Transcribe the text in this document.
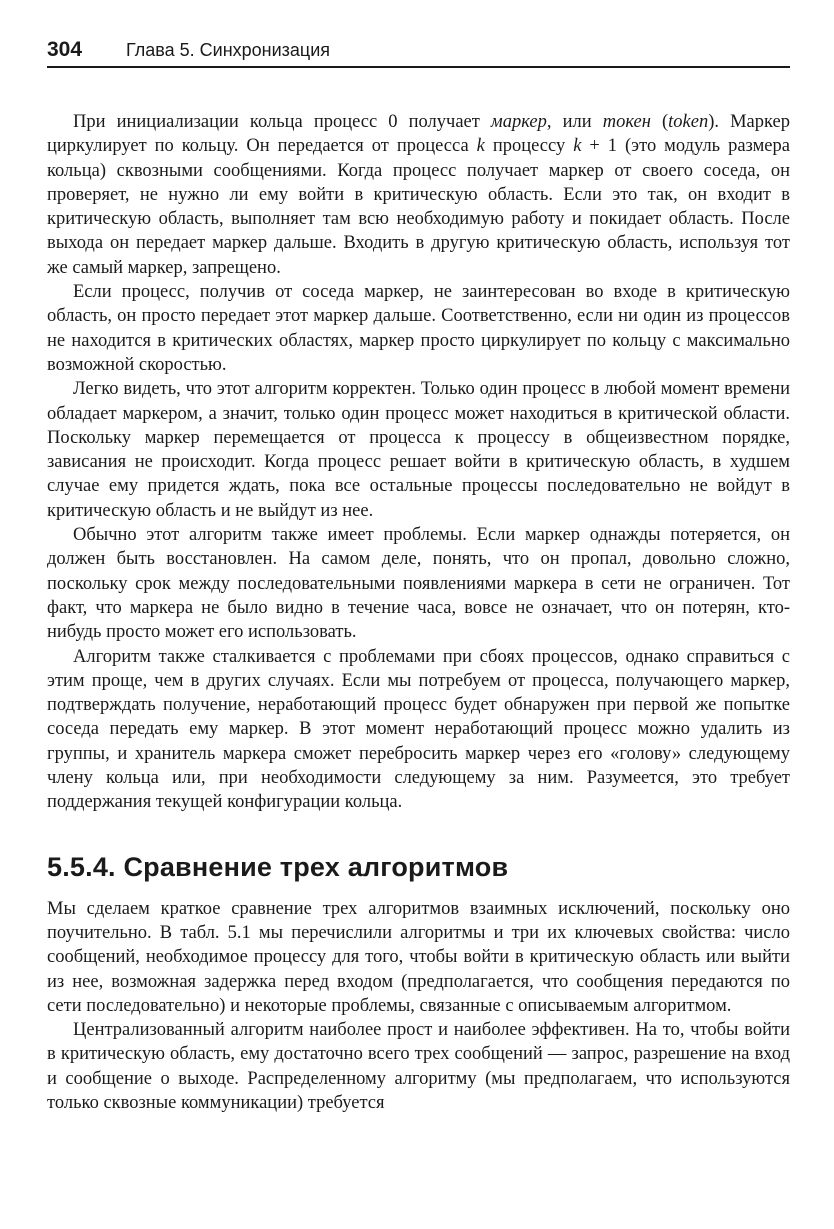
304 Глава 5. Синхронизация

При инициализации кольца процесс 0 получает маркер, или токен (token). Маркер циркулирует по кольцу. Он передается от процесса k процессу k + 1 (это модуль размера кольца) сквозными сообщениями. Когда процесс получает маркер от своего соседа, он проверяет, не нужно ли ему войти в критическую область. Если это так, он входит в критическую область, выполняет там всю необходимую работу и покидает область. После выхода он передает маркер дальше. Входить в другую критическую область, используя тот же самый маркер, запрещено.

Если процесс, получив от соседа маркер, не заинтересован во входе в критическую область, он просто передает этот маркер дальше. Соответственно, если ни один из процессов не находится в критических областях, маркер просто циркулирует по кольцу с максимально возможной скоростью.

Легко видеть, что этот алгоритм корректен. Только один процесс в любой момент времени обладает маркером, а значит, только один процесс может находиться в критической области. Поскольку маркер перемещается от процесса к процессу в общеизвестном порядке, зависания не происходит. Когда процесс решает войти в критическую область, в худшем случае ему придется ждать, пока все остальные процессы последовательно не войдут в критическую область и не выйдут из нее.

Обычно этот алгоритм также имеет проблемы. Если маркер однажды потеряется, он должен быть восстановлен. На самом деле, понять, что он пропал, довольно сложно, поскольку срок между последовательными появлениями маркера в сети не ограничен. Тот факт, что маркера не было видно в течение часа, вовсе не означает, что он потерян, кто-нибудь просто может его использовать.

Алгоритм также сталкивается с проблемами при сбоях процессов, однако справиться с этим проще, чем в других случаях. Если мы потребуем от процесса, получающего маркер, подтверждать получение, неработающий процесс будет обнаружен при первой же попытке соседа передать ему маркер. В этот момент неработающий процесс можно удалить из группы, и хранитель маркера сможет перебросить маркер через его «голову» следующему члену кольца или, при необходимости следующему за ним. Разумеется, это требует поддержания текущей конфигурации кольца.

5.5.4. Сравнение трех алгоритмов

Мы сделаем краткое сравнение трех алгоритмов взаимных исключений, поскольку оно поучительно. В табл. 5.1 мы перечислили алгоритмы и три их ключевых свойства: число сообщений, необходимое процессу для того, чтобы войти в критическую область или выйти из нее, возможная задержка перед входом (предполагается, что сообщения передаются по сети последовательно) и некоторые проблемы, связанные с описываемым алгоритмом.

Централизованный алгоритм наиболее прост и наиболее эффективен. На то, чтобы войти в критическую область, ему достаточно всего трех сообщений — запрос, разрешение на вход и сообщение о выходе. Распределенному алгоритму (мы предполагаем, что используются только сквозные коммуникации) требуется
